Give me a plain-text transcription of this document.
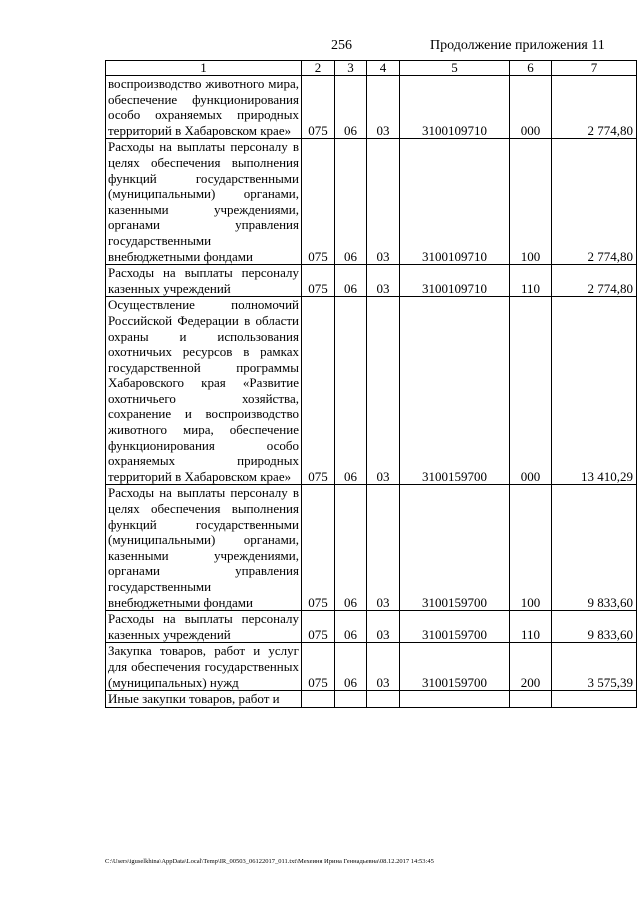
256	Продолжение приложения 11
1	2	3	4	5	6	7
воспроизводство животного мира, обеспечение функционирования особо охраняемых природных территорий в Хабаровском крае»	075	06	03	3100109710	000	2 774,80
Расходы на выплаты персоналу в целях обеспечения выполнения функций государственными (муниципальными) органами, казенными учреждениями, органами управления государственными внебюджетными фондами	075	06	03	3100109710	100	2 774,80
Расходы на выплаты персоналу казенных учреждений	075	06	03	3100109710	110	2 774,80
Осуществление полномочий Российской Федерации в области охраны и использования охотничьих ресурсов в рамках государственной программы Хабаровского края «Развитие охотничьего хозяйства, сохранение и воспроизводство животного мира, обеспечение функционирования особо охраняемых природных территорий в Хабаровском крае»	075	06	03	3100159700	000	13 410,29
Расходы на выплаты персоналу в целях обеспечения выполнения функций государственными (муниципальными) органами, казенными учреждениями, органами управления государственными внебюджетными фондами	075	06	03	3100159700	100	9 833,60
Расходы на выплаты персоналу казенных учреждений	075	06	03	3100159700	110	9 833,60
Закупка товаров, работ и услуг для обеспечения государственных (муниципальных) нужд	075	06	03	3100159700	200	3 575,39
Иные закупки товаров, работ и						
C:\Users\iguselkhina\AppData\Local\Temp\IR_00503_06122017_011.txt\Мехеиня Ирина Геннадьевна\08.12.2017 14:53:45
